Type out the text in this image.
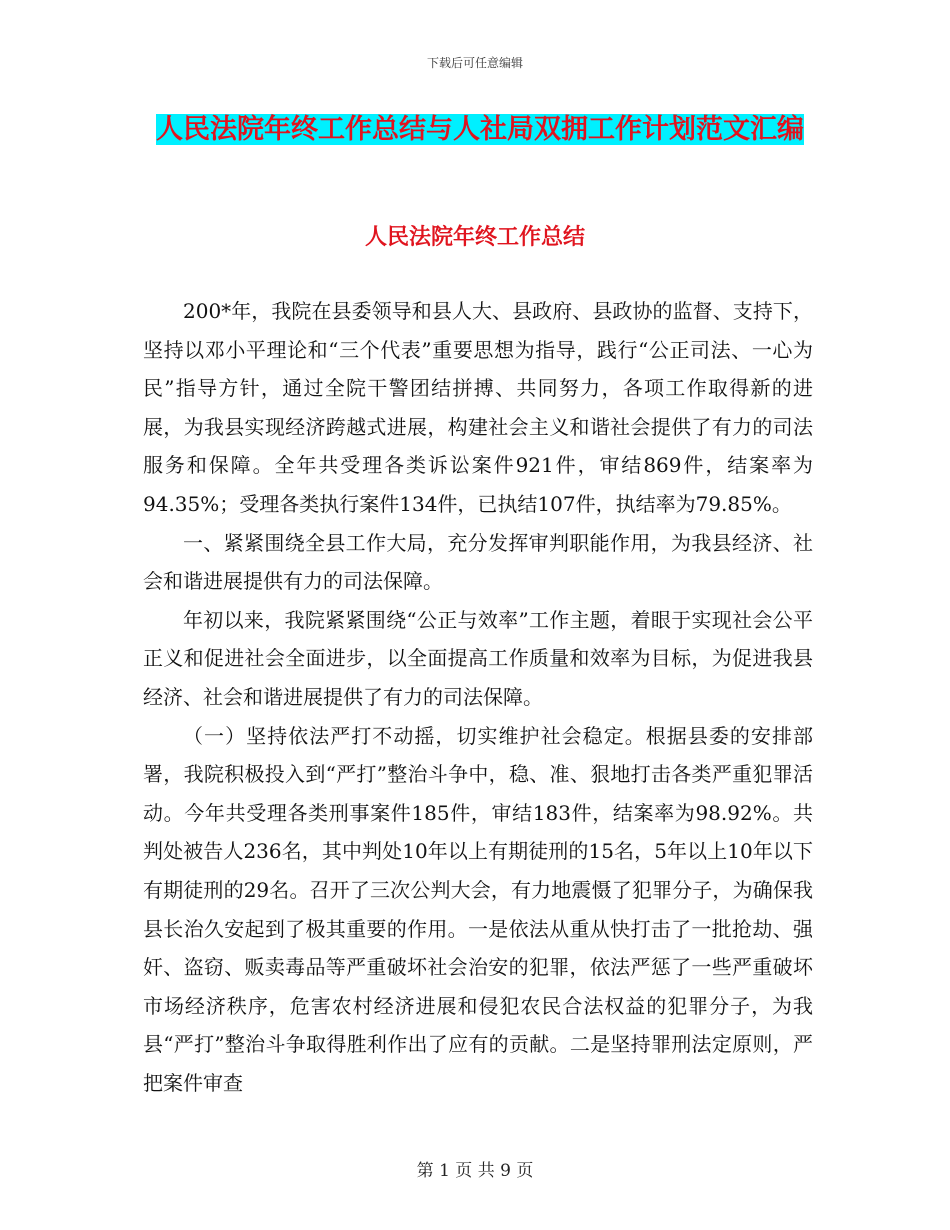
下载后可任意编辑
人民法院年终工作总结与人社局双拥工作计划范文汇编
人民法院年终工作总结

200*年，我院在县委领导和县人大、县政府、县政协的监督、支持下，坚持以邓小平理论和“三个代表”重要思想为指导，践行“公正司法、一心为民”指导方针，通过全院干警团结拼搏、共同努力，各项工作取得新的进展，为我县实现经济跨越式进展，构建社会主义和谐社会提供了有力的司法服务和保障。全年共受理各类诉讼案件921件，审结869件，结案率为94.35%；受理各类执行案件134件，已执结107件，执结率为79.85%。

一、紧紧围绕全县工作大局，充分发挥审判职能作用，为我县经济、社会和谐进展提供有力的司法保障。

年初以来，我院紧紧围绕“公正与效率”工作主题，着眼于实现社会公平正义和促进社会全面进步，以全面提高工作质量和效率为目标，为促进我县经济、社会和谐进展提供了有力的司法保障。

（一）坚持依法严打不动摇，切实维护社会稳定。根据县委的安排部署，我院积极投入到“严打”整治斗争中，稳、准、狠地打击各类严重犯罪活动。今年共受理各类刑事案件185件，审结183件，结案率为98.92%。共判处被告人236名，其中判处10年以上有期徒刑的15名，5年以上10年以下有期徒刑的29名。召开了三次公判大会，有力地震慑了犯罪分子，为确保我县长治久安起到了极其重要的作用。一是依法从重从快打击了一批抢劫、强奸、盗窃、贩卖毒品等严重破坏社会治安的犯罪，依法严惩了一些严重破坏市场经济秩序，危害农村经济进展和侵犯农民合法权益的犯罪分子，为我县“严打”整治斗争取得胜利作出了应有的贡献。二是坚持罪刑法定原则，严把案件审查

第 1 页 共 9 页
